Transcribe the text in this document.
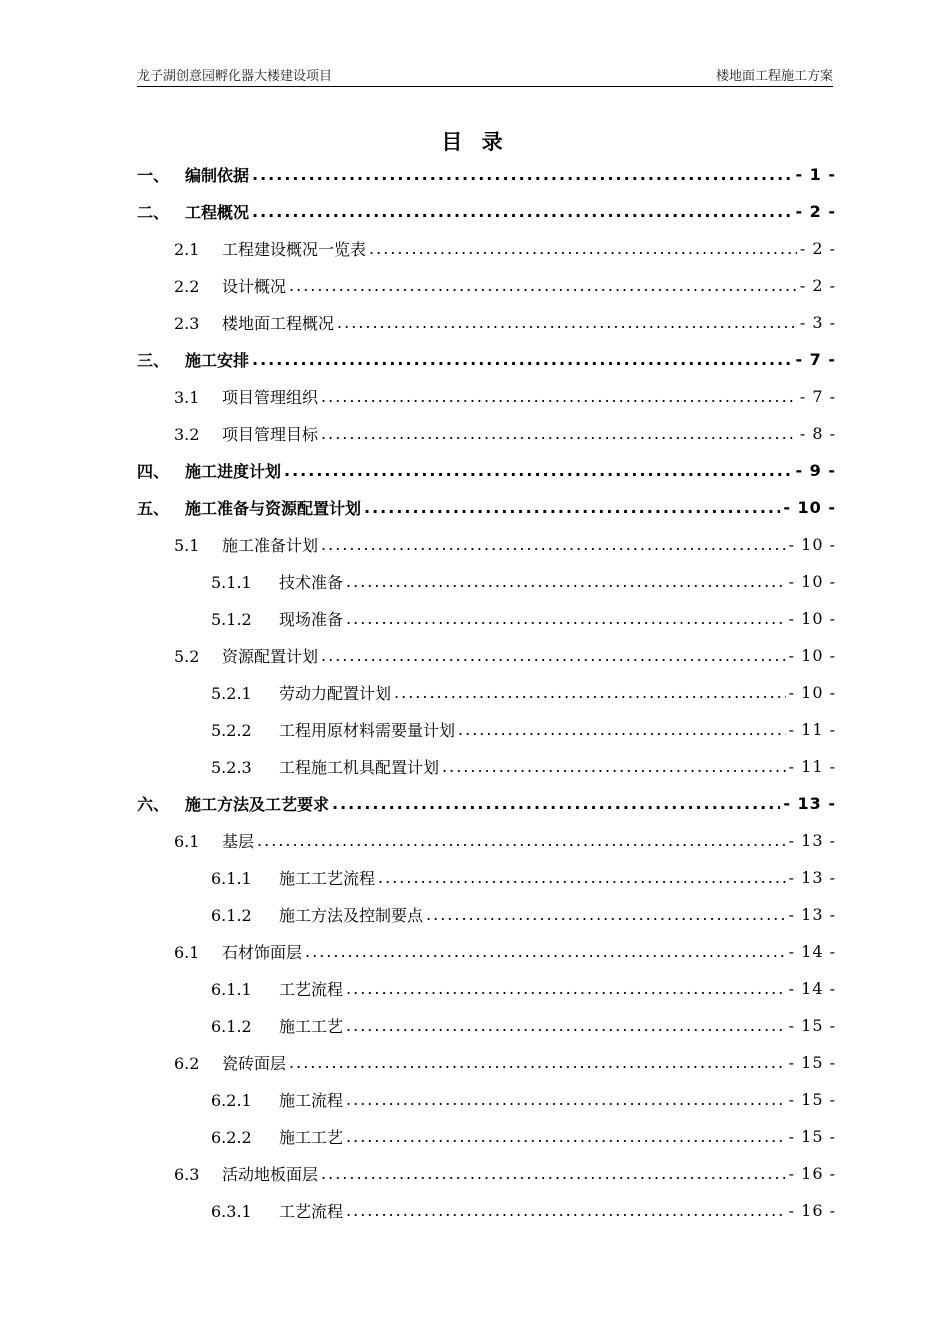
龙子湖创意园孵化器大楼建设项目	楼地面工程施工方案
目 录
一、 编制依据 .....	- 1 -
二、 工程概况 .....	- 2 -
2.1 工程建设概况一览表 .....	- 2 -
2.2 设计概况 .....	- 2 -
2.3 楼地面工程概况 .....	- 3 -
三、 施工安排 .....	- 7 -
3.1 项目管理组织 .....	- 7 -
3.2 项目管理目标 .....	- 8 -
四、 施工进度计划 .....	- 9 -
五、 施工准备与资源配置计划 .....	- 10 -
5.1 施工准备计划 .....	- 10 -
5.1.1 技术准备 .....	- 10 -
5.1.2 现场准备 .....	- 10 -
5.2 资源配置计划 .....	- 10 -
5.2.1 劳动力配置计划 .....	- 10 -
5.2.2 工程用原材料需要量计划 .....	- 11 -
5.2.3 工程施工机具配置计划 .....	- 11 -
六、 施工方法及工艺要求 .....	- 13 -
6.1 基层 .....	- 13 -
6.1.1 施工工艺流程 .....	- 13 -
6.1.2 施工方法及控制要点 .....	- 13 -
6.1 石材饰面层 .....	- 14 -
6.1.1 工艺流程 .....	- 14 -
6.1.2 施工工艺 .....	- 15 -
6.2 瓷砖面层 .....	- 15 -
6.2.1 施工流程 .....	- 15 -
6.2.2 施工工艺 .....	- 15 -
6.3 活动地板面层 .....	- 16 -
6.3.1 工艺流程 .....	- 16 -
